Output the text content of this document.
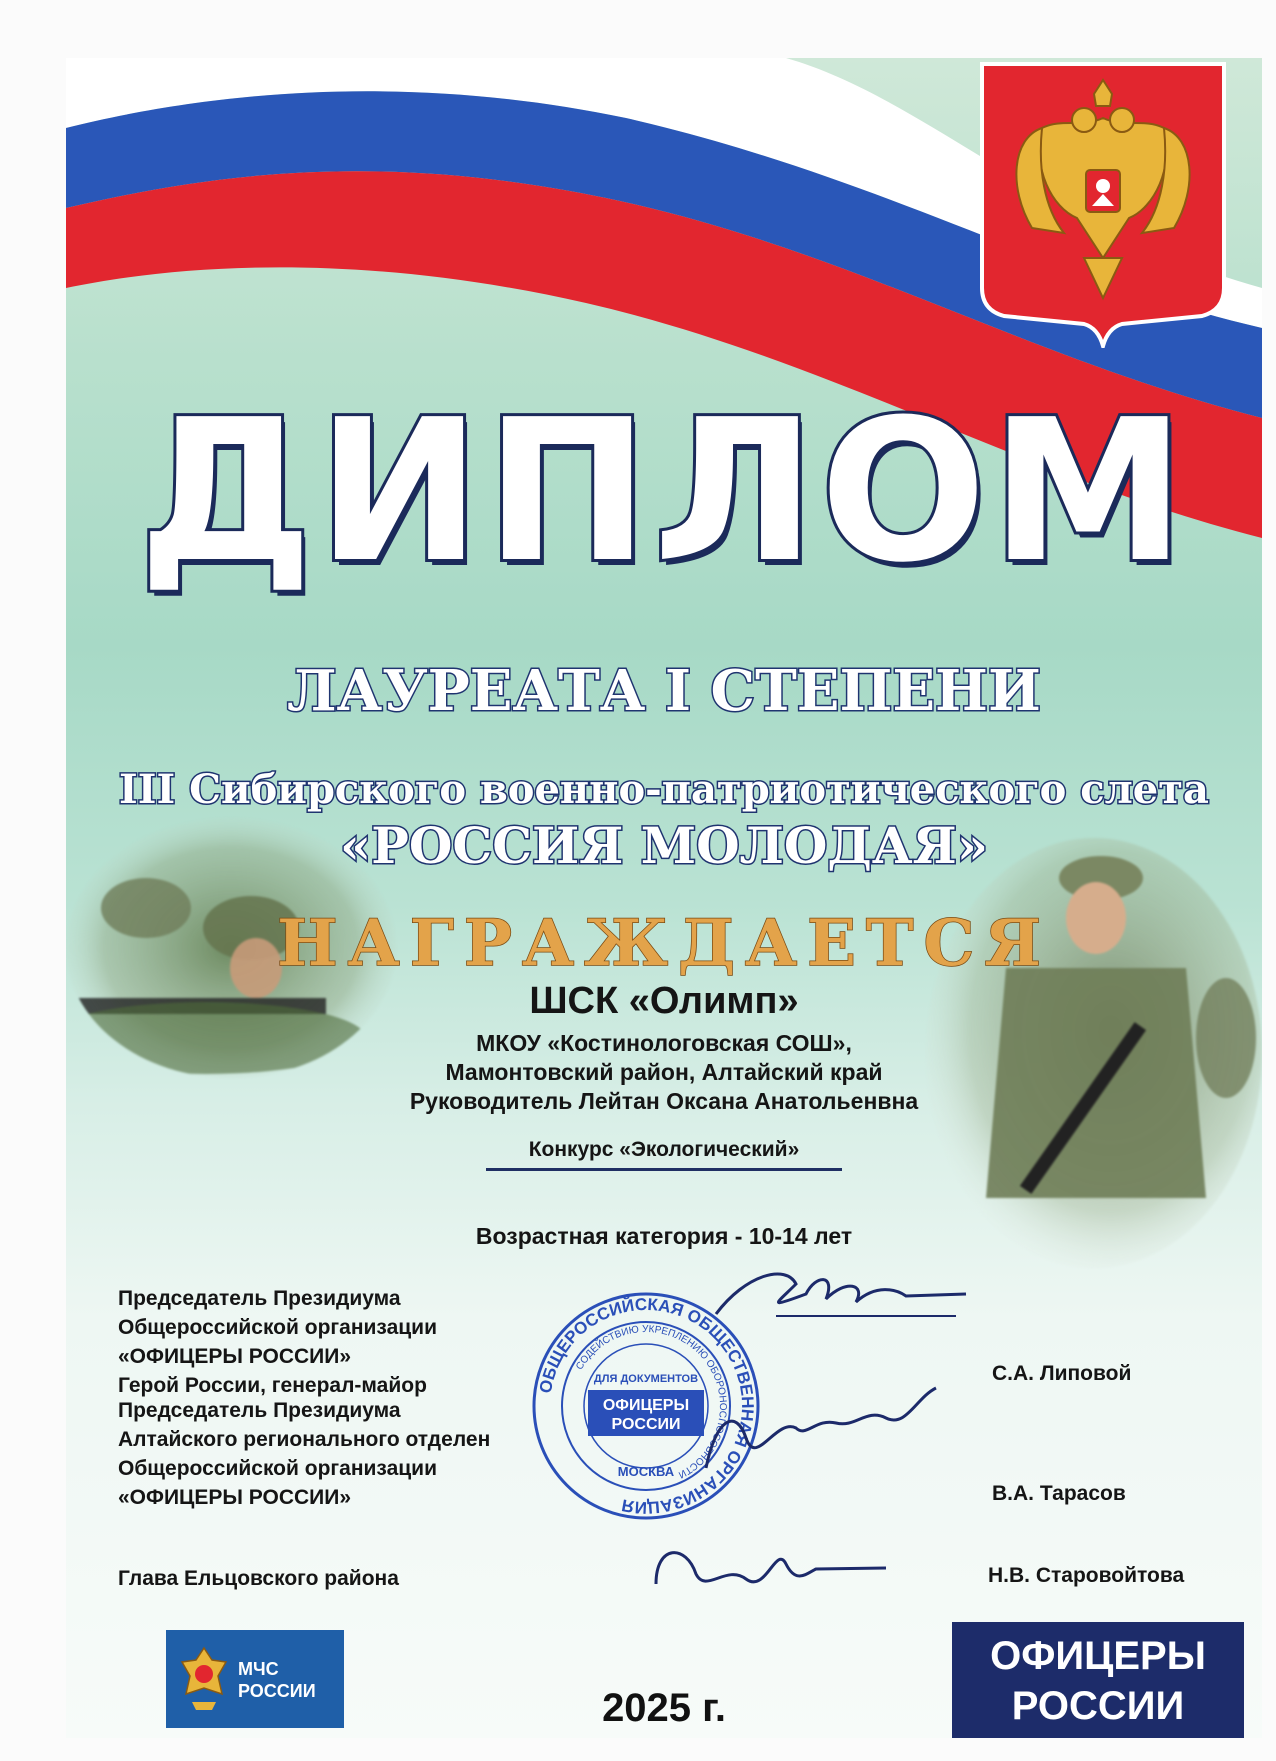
ДИПЛОМ
ЛАУРЕАТА I СТЕПЕНИ
III Сибирского военно-патриотического слета
«РОССИЯ МОЛОДАЯ»
НАГРАЖДАЕТСЯ
ШСК «Олимп»
МКОУ «Костинологовская СОШ»,
Мамонтовский район, Алтайский край
Руководитель Лейтан Оксана Анатольенвна
Конкурс «Экологический»
Возрастная категория - 10-14 лет
Председатель Президиума
Общероссийской организации
«ОФИЦЕРЫ РОССИИ»
Герой России, генерал-майор
С.А. Липовой
Председатель Президиума
Алтайского регионального отделен
Общероссийской организации
«ОФИЦЕРЫ РОССИИ»	В.А. Тарасов
ОБЩЕРОССИЙСКАЯ ОБЩЕСТВЕННАЯ ОРГАНИЗАЦИЯ
СОДЕЙСТВИЮ УКРЕПЛЕНИЮ ОБОРОНОСПОСОБНОСТИ
ДЛЯ ДОКУМЕНТОВ
ОФИЦЕРЫ
РОССИИ
МОСКВА
Глава Ельцовского района	Н.В. Старовойтова
МЧС
РОССИИ	2025 г.
ОФИЦЕРЫ
РОССИИ
